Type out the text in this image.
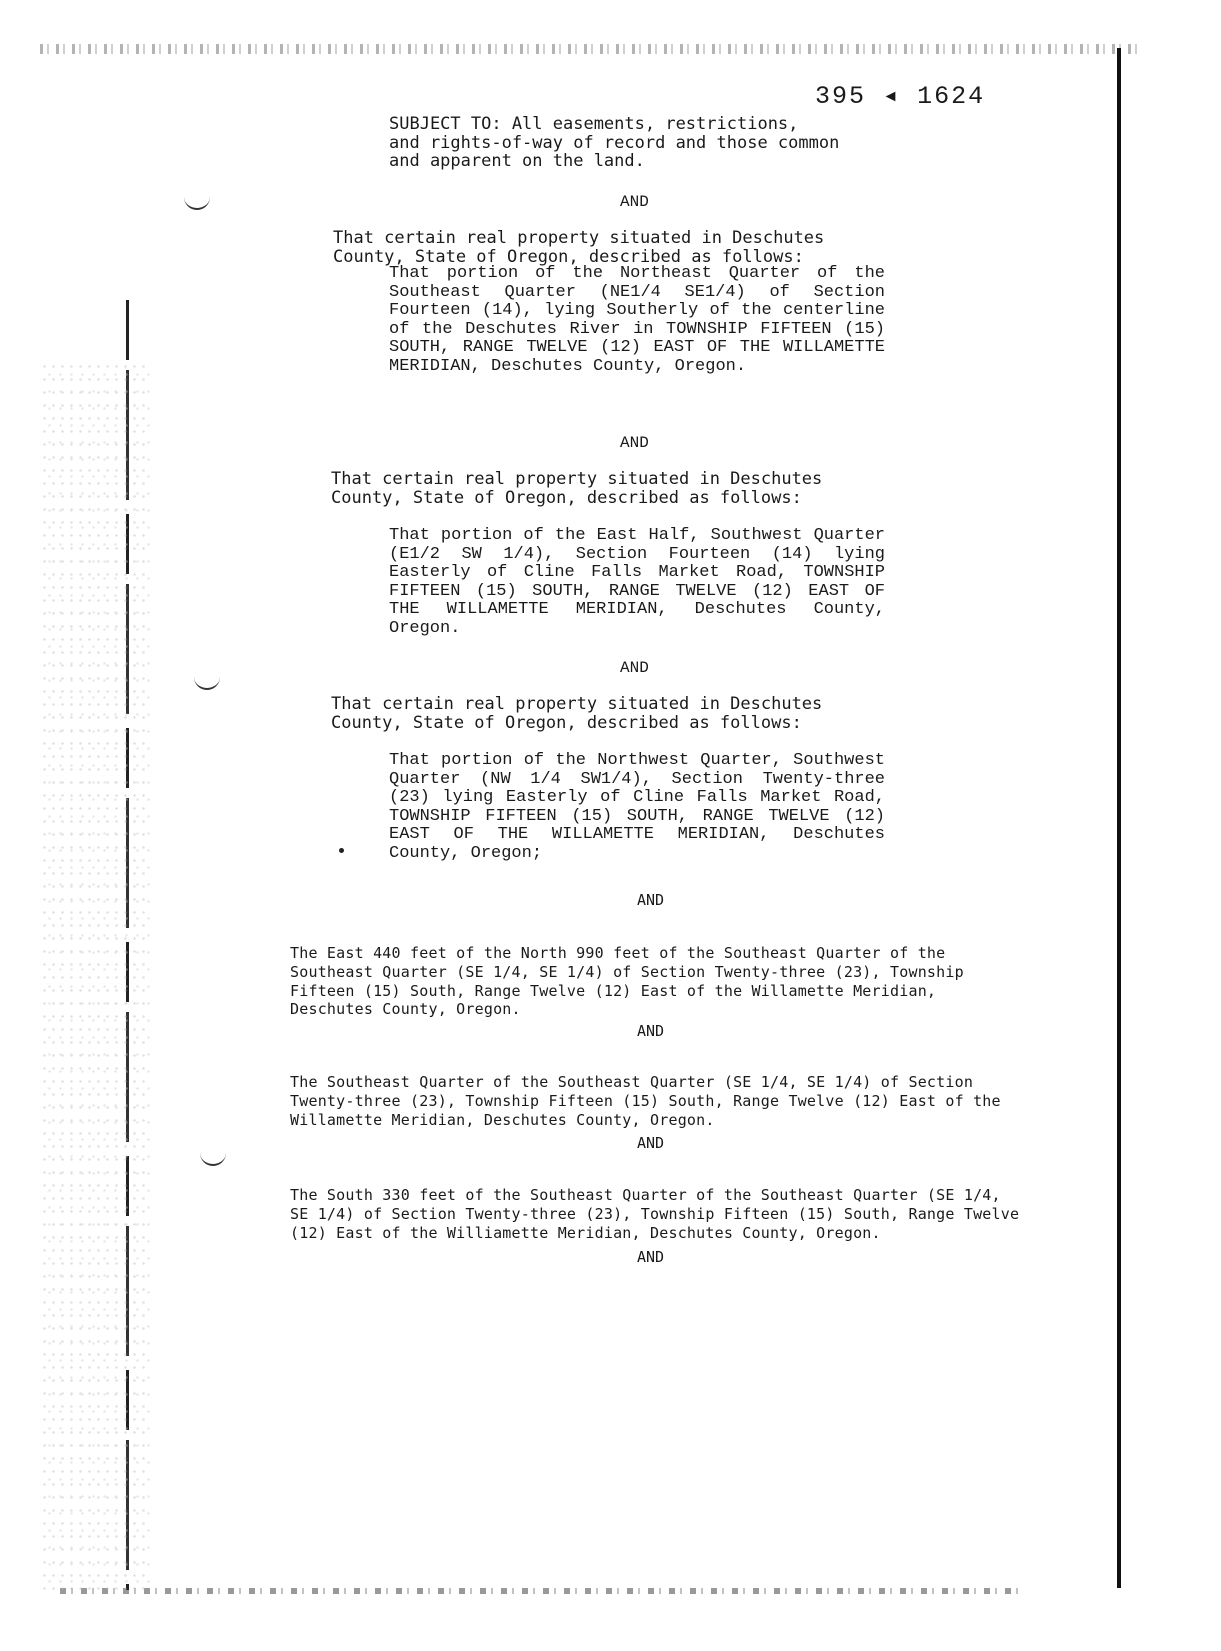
395 ◂ 1624
SUBJECT TO: All easements, restrictions,
and rights-of-way of record and those common
and apparent on the land.
AND
That certain real property situated in Deschutes
County, State of Oregon, described as follows:

That portion of the Northeast Quarter of the Southeast Quarter (NE1/4 SE1/4) of Section Fourteen (14), lying Southerly of the centerline of the Deschutes River in TOWNSHIP FIFTEEN (15) SOUTH, RANGE TWELVE (12) EAST OF THE WILLAMETTE MERIDIAN, Deschutes County, Oregon.

AND
That certain real property situated in Deschutes
County, State of Oregon, described as follows:

That portion of the East Half, Southwest Quarter (E1/2 SW 1/4), Section Fourteen (14) lying Easterly of Cline Falls Market Road, TOWNSHIP FIFTEEN (15) SOUTH, RANGE TWELVE (12) EAST OF THE WILLAMETTE MERIDIAN, Deschutes County, Oregon.

AND
That certain real property situated in Deschutes
County, State of Oregon, described as follows:

That portion of the Northwest Quarter, Southwest Quarter (NW 1/4 SW1/4), Section Twenty-three (23) lying Easterly of Cline Falls Market Road, TOWNSHIP FIFTEEN (15) SOUTH, RANGE TWELVE (12) EAST OF THE WILLAMETTE MERIDIAN, Deschutes County, Oregon;

AND

The East 440 feet of the North 990 feet of the Southeast Quarter of the Southeast Quarter (SE 1/4, SE 1/4) of Section Twenty-three (23), Township Fifteen (15) South, Range Twelve (12) East of the Willamette Meridian, Deschutes County, Oregon.

AND

The Southeast Quarter of the Southeast Quarter (SE 1/4, SE 1/4) of Section Twenty-three (23), Township Fifteen (15) South, Range Twelve (12) East of the Willamette Meridian, Deschutes County, Oregon.

AND

The South 330 feet of the Southeast Quarter of the Southeast Quarter (SE 1/4, SE 1/4) of Section Twenty-three (23), Township Fifteen (15) South, Range Twelve (12) East of the Williamette Meridian, Deschutes County, Oregon.

AND
